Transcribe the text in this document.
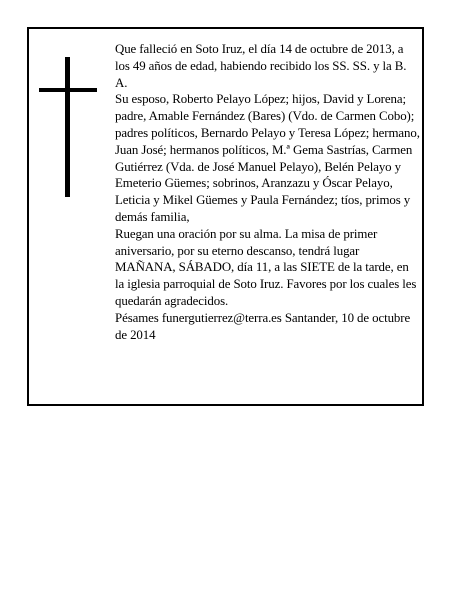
Que falleció en Soto Iruz, el día 14 de octubre de 2013, a los 49 años de edad, habiendo recibido los SS. SS. y la B. A.

Su esposo, Roberto Pelayo López; hijos, David y Lorena; padre, Amable Fernández (Bares) (Vdo. de Carmen Cobo); padres políticos, Bernardo Pelayo y Teresa López; hermano, Juan José; hermanos políticos, M.ª Gema Sastrías, Carmen Gutiérrez (Vda. de José Manuel Pelayo), Belén Pelayo y Emeterio Güemes; sobrinos, Aranzazu y Óscar Pelayo, Leticia y Mikel Güemes y Paula Fernández; tíos, primos y demás familia,

Ruegan una oración por su alma. La misa de primer aniversario, por su eterno descanso, tendrá lugar MAÑANA, SÁBADO, día 11, a las SIETE de la tarde, en la iglesia parroquial de Soto Iruz. Favores por los cuales les quedarán agradecidos.

Pésames funergutierrez@terra.es Santander, 10 de octubre de 2014
